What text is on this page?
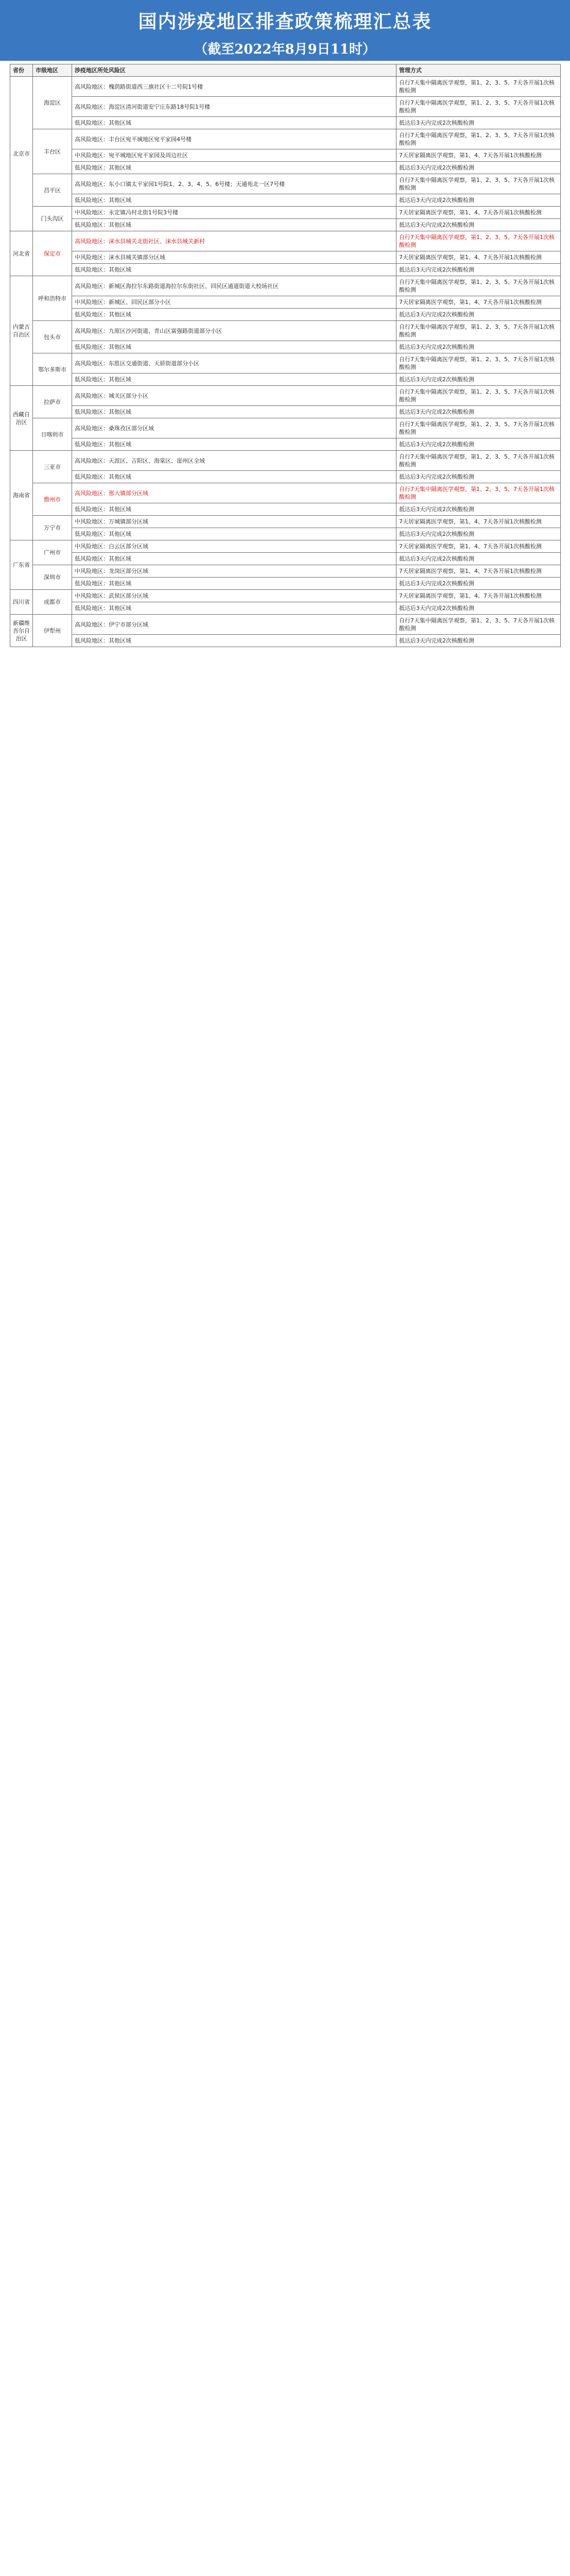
国内涉疫地区排查政策梳理汇总表
（截至2022年8月9日11时）
省份	市级地区	涉疫地区所处风险区	管理方式
北京市	海淀区	高风险地区：槐荫路街道西三旗社区十二号院1号楼	自行7天集中隔离医学观察，第1、2、3、5、7天各开展1次核酸检测
		高风险地区：海淀区清河街道安宁庄东路18号院1号楼	自行7天集中隔离医学观察，第1、2、3、5、7天各开展1次核酸检测
		低风险地区：其他区域	抵达后3天内完成2次核酸检测
	丰台区	高风险地区：丰台区宛平城地区宛平家园4号楼	自行7天集中隔离医学观察，第1、2、3、5、7天各开展1次核酸检测
		中风险地区：宛平城地区宛平家园及周边社区	7天居家隔离医学观察，第1、4、7天各开展1次核酸检测
		低风险地区：其他区域	抵达后3天内完成2次核酸检测
	昌平区	高风险地区：东小口镇太平家园1号院1、2、3、4、5、6号楼；天通苑北一区7号楼	自行7天集中隔离医学观察，第1、2、3、5、7天各开展1次核酸检测
		低风险地区：其他区域	抵达后3天内完成2次核酸检测
	门头沟区	中风险地区：永定镇冯村北街1号院3号楼	7天居家隔离医学观察，第1、4、7天各开展1次核酸检测
		低风险地区：其他区域	抵达后3天内完成2次核酸检测
河北省	保定市	高风险地区：涞水县城关北街社区、涞水县城关新村	自行7天集中隔离医学观察，第1、2、3、5、7天各开展1次核酸检测
		中风险地区：涞水县城关镇部分区域	7天居家隔离医学观察，第1、4、7天各开展1次核酸检测
		低风险地区：其他区域	抵达后3天内完成2次核酸检测
内蒙古自治区	呼和浩特市	高风险地区：新城区海拉尔东路街道海拉尔东街社区、回民区通道街道大校场社区	自行7天集中隔离医学观察，第1、2、3、5、7天各开展1次核酸检测
		中风险地区：新城区、回民区部分小区	7天居家隔离医学观察，第1、4、7天各开展1次核酸检测
		低风险地区：其他区域	抵达后3天内完成2次核酸检测
	包头市	高风险地区：九原区沙河街道、青山区富强路街道部分小区	自行7天集中隔离医学观察，第1、2、3、5、7天各开展1次核酸检测
		低风险地区：其他区域	抵达后3天内完成2次核酸检测
	鄂尔多斯市	高风险地区：东胜区交通街道、天骄街道部分小区	自行7天集中隔离医学观察，第1、2、3、5、7天各开展1次核酸检测
		低风险地区：其他区域	抵达后3天内完成2次核酸检测
西藏自治区	拉萨市	高风险地区：城关区部分小区	自行7天集中隔离医学观察，第1、2、3、5、7天各开展1次核酸检测
		低风险地区：其他区域	抵达后3天内完成2次核酸检测
	日喀则市	高风险地区：桑珠孜区部分区域	自行7天集中隔离医学观察，第1、2、3、5、7天各开展1次核酸检测
		低风险地区：其他区域	抵达后3天内完成2次核酸检测
海南省	三亚市	高风险地区：天涯区、吉阳区、海棠区、崖州区全域	自行7天集中隔离医学观察，第1、2、3、5、7天各开展1次核酸检测
		低风险地区：其他区域	抵达后3天内完成2次核酸检测
	儋州市	高风险地区：那大镇部分区域	自行7天集中隔离医学观察，第1、2、3、5、7天各开展1次核酸检测
		低风险地区：其他区域	抵达后3天内完成2次核酸检测
	万宁市	中风险地区：万城镇部分区域	7天居家隔离医学观察，第1、4、7天各开展1次核酸检测
		低风险地区：其他区域	抵达后3天内完成2次核酸检测
广东省	广州市	中风险地区：白云区部分区域	7天居家隔离医学观察，第1、4、7天各开展1次核酸检测
		低风险地区：其他区域	抵达后3天内完成2次核酸检测
	深圳市	中风险地区：龙岗区部分区域	7天居家隔离医学观察，第1、4、7天各开展1次核酸检测
		低风险地区：其他区域	抵达后3天内完成2次核酸检测
四川省	成都市	中风险地区：武侯区部分区域	7天居家隔离医学观察，第1、4、7天各开展1次核酸检测
		低风险地区：其他区域	抵达后3天内完成2次核酸检测
新疆维吾尔自治区	伊犁州	高风险地区：伊宁市部分区域	自行7天集中隔离医学观察，第1、2、3、5、7天各开展1次核酸检测
		低风险地区：其他区域	抵达后3天内完成2次核酸检测
